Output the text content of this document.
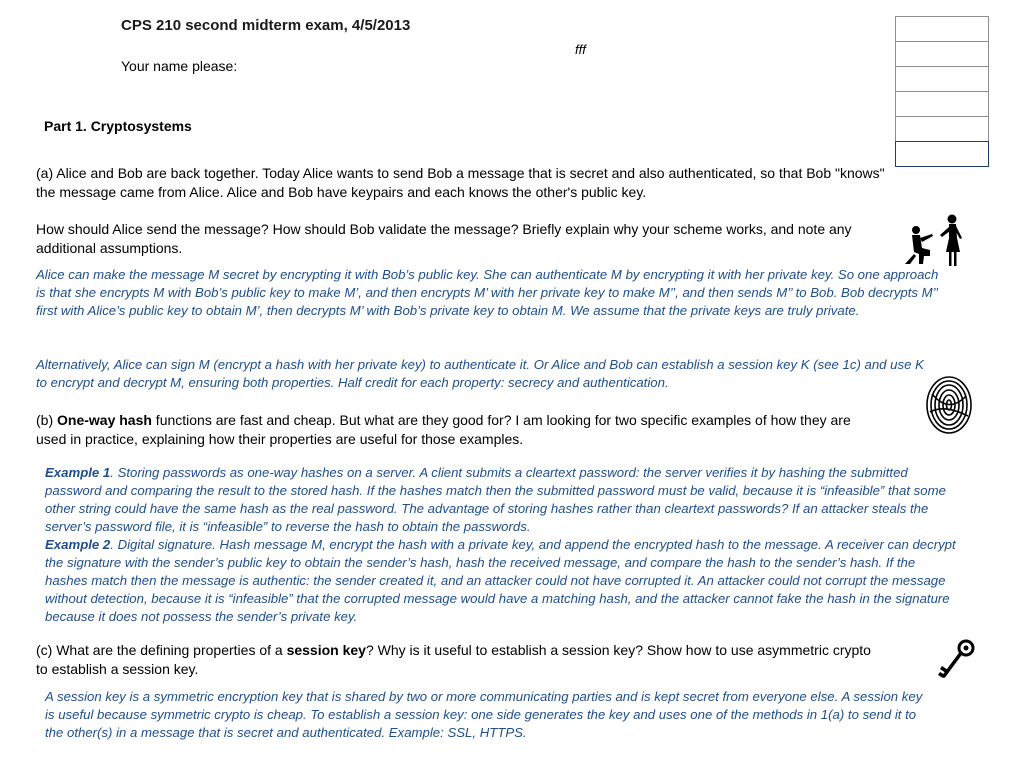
CPS 210 second midterm exam, 4/5/2013
fff
Your name please:
Part 1. Cryptosystems
(a) Alice and Bob are back together. Today Alice wants to send Bob a message that is secret and also authenticated, so that Bob "knows" the message came from Alice. Alice and Bob have keypairs and each knows the other's public key.
How should Alice send the message? How should Bob validate the message? Briefly explain why your scheme works, and note any additional assumptions.
Alice can make the message M secret by encrypting it with Bob’s public key. She can authenticate M by encrypting it with her private key. So one approach is that she encrypts M with Bob’s public key to make M’, and then encrypts M’ with her private key to make M’’, and then sends M’’ to Bob. Bob decrypts M’’ first with Alice’s public key to obtain M’, then decrypts M’ with Bob’s private key to obtain M. We assume that the private keys are truly private.
Alternatively, Alice can sign M (encrypt a hash with her private key) to authenticate it. Or Alice and Bob can establish a session key K (see 1c) and use K to encrypt and decrypt M, ensuring both properties. Half credit for each property: secrecy and authentication.
(b) One-way hash functions are fast and cheap. But what are they good for? I am looking for two specific examples of how they are used in practice, explaining how their properties are useful for those examples.
Example 1. Storing passwords as one-way hashes on a server. A client submits a cleartext password: the server verifies it by hashing the submitted password and comparing the result to the stored hash. If the hashes match then the submitted password must be valid, because it is “infeasible” that some other string could have the same hash as the real password. The advantage of storing hashes rather than cleartext passwords? If an attacker steals the server’s password file, it is “infeasible” to reverse the hash to obtain the passwords.
Example 2. Digital signature. Hash message M, encrypt the hash with a private key, and append the encrypted hash to the message. A receiver can decrypt the signature with the sender’s public key to obtain the sender’s hash, hash the received message, and compare the hash to the sender’s hash. If the hashes match then the message is authentic: the sender created it, and an attacker could not have corrupted it. An attacker could not corrupt the message without detection, because it is “infeasible” that the corrupted message would have a matching hash, and the attacker cannot fake the hash in the signature because it does not possess the sender’s private key.
(c) What are the defining properties of a session key? Why is it useful to establish a session key? Show how to use asymmetric crypto to establish a session key.
A session key is a symmetric encryption key that is shared by two or more communicating parties and is kept secret from everyone else. A session key is useful because symmetric crypto is cheap. To establish a session key: one side generates the key and uses one of the methods in 1(a) to send it to the other(s) in a message that is secret and authenticated. Example: SSL, HTTPS.
